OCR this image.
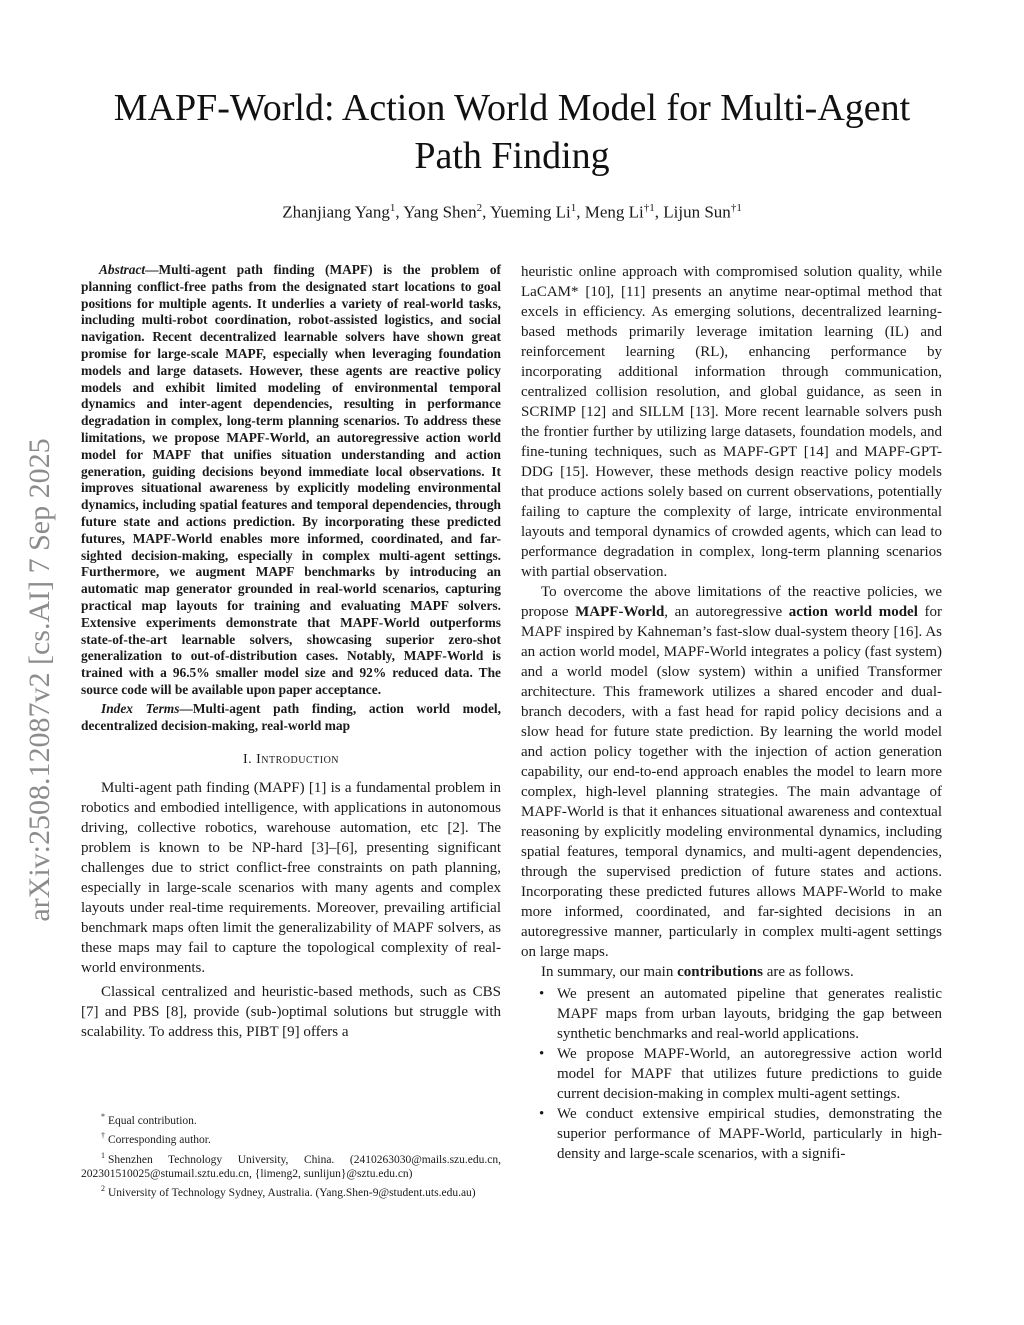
arXiv:2508.12087v2 [cs.AI] 7 Sep 2025
MAPF-World: Action World Model for Multi-Agent
Path Finding
Zhanjiang Yang$^1$, Yang Shen$^2$, Yueming Li$^1$, Meng Li$^{\dagger 1}$, Lijun Sun$^{\dagger 1}$

Abstract—Multi-agent path finding (MAPF) is the problem of planning conflict-free paths from the designated start locations to goal positions for multiple agents. It underlies a variety of real-world tasks, including multi-robot coordination, robot-assisted logistics, and social navigation. Recent decentralized learnable solvers have shown great promise for large-scale MAPF, especially when leveraging foundation models and large datasets. However, these agents are reactive policy models and exhibit limited modeling of environmental temporal dynamics and inter-agent dependencies, resulting in performance degradation in complex, long-term planning scenarios. To address these limitations, we propose MAPF-World, an autoregressive action world model for MAPF that unifies situation understanding and action generation, guiding decisions beyond immediate local observations. It improves situational awareness by explicitly modeling environmental dynamics, including spatial features and temporal dependencies, through future state and actions prediction. By incorporating these predicted futures, MAPF-World enables more informed, coordinated, and far-sighted decision-making, especially in complex multi-agent settings. Furthermore, we augment MAPF benchmarks by introducing an automatic map generator grounded in real-world scenarios, capturing practical map layouts for training and evaluating MAPF solvers. Extensive experiments demonstrate that MAPF-World outperforms state-of-the-art learnable solvers, showcasing superior zero-shot generalization to out-of-distribution cases. Notably, MAPF-World is trained with a 96.5% smaller model size and 92% reduced data. The source code will be available upon paper acceptance.

Index Terms—Multi-agent path finding, action world model, decentralized decision-making, real-world map

I. Introduction

Multi-agent path finding (MAPF) [1] is a fundamental problem in robotics and embodied intelligence, with applications in autonomous driving, collective robotics, warehouse automation, etc [2]. The problem is known to be NP-hard [3]–[6], presenting significant challenges due to strict conflict-free constraints on path planning, especially in large-scale scenarios with many agents and complex layouts under real-time requirements. Moreover, prevailing artificial benchmark maps often limit the generalizability of MAPF solvers, as these maps may fail to capture the topological complexity of real-world environments.

Classical centralized and heuristic-based methods, such as CBS [7] and PBS [8], provide (sub-)optimal solutions but struggle with scalability. To address this, PIBT [9] offers a

* Equal contribution.

† Corresponding author.

$^1$ Shenzhen Technology University, China. (2410263030@mails.szu.edu.cn, 202301510025@stumail.sztu.edu.cn, {limeng2, sunlijun}@sztu.edu.cn)

$^2$ University of Technology Sydney, Australia. (Yang.Shen-9@student.uts.edu.au)

heuristic online approach with compromised solution quality, while LaCAM* [10], [11] presents an anytime near-optimal method that excels in efficiency. As emerging solutions, decentralized learning-based methods primarily leverage imitation learning (IL) and reinforcement learning (RL), enhancing performance by incorporating additional information through communication, centralized collision resolution, and global guidance, as seen in SCRIMP [12] and SILLM [13]. More recent learnable solvers push the frontier further by utilizing large datasets, foundation models, and fine-tuning techniques, such as MAPF-GPT [14] and MAPF-GPT-DDG [15]. However, these methods design reactive policy models that produce actions solely based on current observations, potentially failing to capture the complexity of large, intricate environmental layouts and temporal dynamics of crowded agents, which can lead to performance degradation in complex, long-term planning scenarios with partial observation.

To overcome the above limitations of the reactive policies, we propose MAPF-World, an autoregressive action world model for MAPF inspired by Kahneman’s fast-slow dual-system theory [16]. As an action world model, MAPF-World integrates a policy (fast system) and a world model (slow system) within a unified Transformer architecture. This framework utilizes a shared encoder and dual-branch decoders, with a fast head for rapid policy decisions and a slow head for future state prediction. By learning the world model and action policy together with the injection of action generation capability, our end-to-end approach enables the model to learn more complex, high-level planning strategies. The main advantage of MAPF-World is that it enhances situational awareness and contextual reasoning by explicitly modeling environmental dynamics, including spatial features, temporal dynamics, and multi-agent dependencies, through the supervised prediction of future states and actions. Incorporating these predicted futures allows MAPF-World to make more informed, coordinated, and far-sighted decisions in an autoregressive manner, particularly in complex multi-agent settings on large maps.

In summary, our main contributions are as follows.

• We present an automated pipeline that generates realistic MAPF maps from urban layouts, bridging the gap between synthetic benchmarks and real-world applications.
• We propose MAPF-World, an autoregressive action world model for MAPF that utilizes future predictions to guide current decision-making in complex multi-agent settings.
• We conduct extensive empirical studies, demonstrating the superior performance of MAPF-World, particularly in high-density and large-scale scenarios, with a signifi-
